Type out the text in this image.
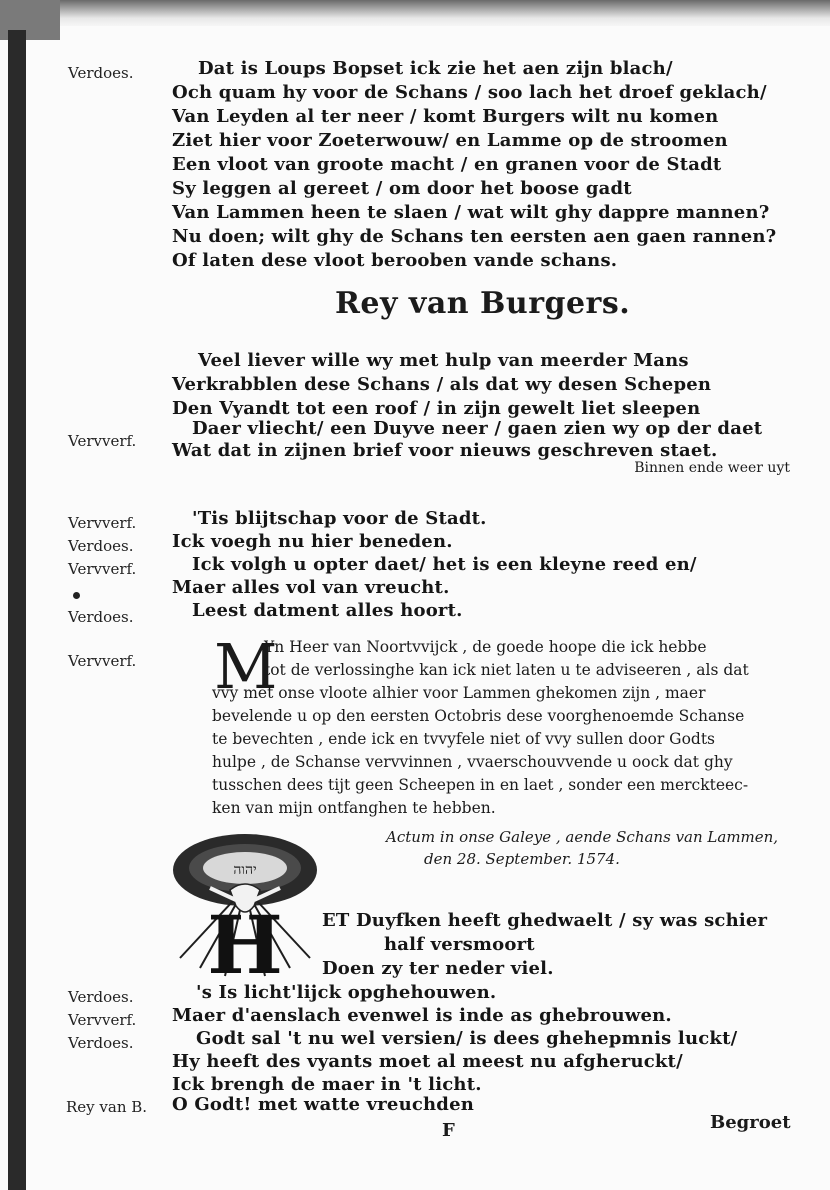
Verdoes.	Dat is Loups Bopset ick zie het aen zijn blach/
Och quam hy voor de Schans / soo lach het droef geklach/
Van Leyden al ter neer / komt Burgers wilt nu komen
Ziet hier voor Zoeterwouw/ en Lamme op de stroomen
Een vloot van groote macht / en granen voor de Stadt
Sy leggen al gereet / om door het boose gadt
Van Lammen heen te slaen / wat wilt ghy dappre mannen?
Nu doen; wilt ghy de Schans ten eersten aen gaen rannen?
Of laten dese vloot berooben vande schans.
Rey van Burgers.
Veel liever wille wy met hulp van meerder Mans
Verkrabblen dese Schans / als dat wy desen Schepen
Den Vyandt tot een roof / in zijn gewelt liet sleepen
Daer vliecht/ een Duyve neer / gaen zien wy op der daet
Vervverf. Wat dat in zijnen brief voor nieuws geschreven staet.
Binnen ende weer uyt
Vervverf.	'Tis blijtschap voor de Stadt.
Verdoes. Ick voegh nu hier beneden.
Vervverf.	Ick volgh u opter daet/ het is een kleyne reed en/
Maer alles vol van vreucht.
Verdoes.	Leest datment alles hoort.
Vervverf. M
Yn Heer van Noortvvijck , de goede hoope die ick hebbe
tot de verlossinghe kan ick niet laten u te adviseeren , als dat
vvy met onse vloote alhier voor Lammen ghekomen zijn , maer
bevelende u op den eersten Octobris dese voorghenoemde Schanse
te bevechten , ende ick en tvvyfele niet of vvy sullen door Godts
hulpe , de Schanse vervvinnen , vvaerschouvvende u oock dat ghy
tusschen dees tijt geen Scheepen in en laet , sonder een merckteec-
ken van mijn ontfanghen te hebben.
Actum in onse Galeye , aende Schans van Lammen,
den 28. September. 1574.
יהוה
H ET Duyfken heeft ghedwaelt / sy was schier
half versmoort
Doen zy ter neder viel.
Verdoes.	's Is licht'lijck opghehouwen.
Vervverf. Maer d'aenslach evenwel is inde as ghebrouwen.
Verdoes.	Godt sal 't nu wel versien/ is dees ghehepmnis luckt/
Hy heeft des vyants moet al meest nu afgheruckt/
Ick brengh de maer in 't licht.
Rey van B. O Godt! met watte vreuchden
F	Begroet
